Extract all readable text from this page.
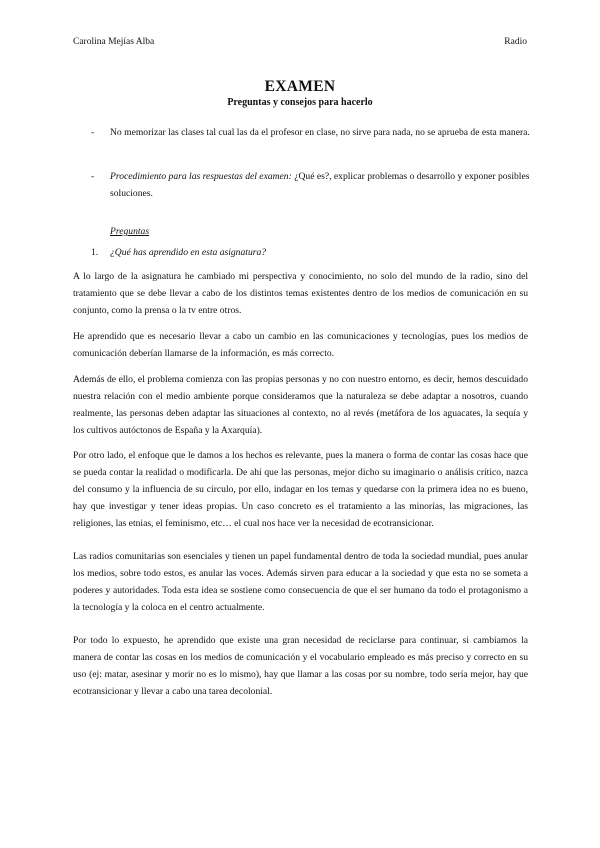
Carolina Mejías Alba	Radio
EXAMEN
Preguntas y consejos para hacerlo
- No memorizar las clases tal cual las da el profesor en clase, no sirve para nada, no se aprueba de esta manera.
- Procedimiento para las respuestas del examen: ¿Qué es?, explicar problemas o desarrollo y exponer posibles soluciones.
Preguntas
1. ¿Qué has aprendido en esta asignatura?

A lo largo de la asignatura he cambiado mi perspectiva y conocimiento, no solo del mundo de la radio, sino del tratamiento que se debe llevar a cabo de los distintos temas existentes dentro de los medios de comunicación en su conjunto, como la prensa o la tv entre otros.

He aprendido que es necesario llevar a cabo un cambio en las comunicaciones y tecnologías, pues los medios de comunicación deberían llamarse de la información, es más correcto.

Además de ello, el problema comienza con las propias personas y no con nuestro entorno, es decir, hemos descuidado nuestra relación con el medio ambiente porque consideramos que la naturaleza se debe adaptar a nosotros, cuando realmente, las personas deben adaptar las situaciones al contexto, no al revés (metáfora de los aguacates, la sequía y los cultivos autóctonos de España y la Axarquía).

Por otro lado, el enfoque que le damos a los hechos es relevante, pues la manera o forma de contar las cosas hace que se pueda contar la realidad o modificarla. De ahí que las personas, mejor dicho su imaginario o análisis crítico, nazca del consumo y la influencia de su círculo, por ello, indagar en los temas y quedarse con la primera idea no es bueno, hay que investigar y tener ideas propias. Un caso concreto es el tratamiento a las minorías, las migraciones, las religiones, las etnias, el feminismo, etc… el cual nos hace ver la necesidad de ecotransicionar.

Las radios comunitarias son esenciales y tienen un papel fundamental dentro de toda la sociedad mundial, pues anular los medios, sobre todo estos, es anular las voces. Además sirven para educar a la sociedad y que esta no se someta a poderes y autoridades. Toda esta idea se sostiene como consecuencia de que el ser humano da todo el protagonismo a la tecnología y la coloca en el centro actualmente.

Por todo lo expuesto, he aprendido que existe una gran necesidad de reciclarse para continuar, si cambiamos la manera de contar las cosas en los medios de comunicación y el vocabulario empleado es más preciso y correcto en su uso (ej: matar, asesinar y morir no es lo mismo), hay que llamar a las cosas por su nombre, todo sería mejor, hay que ecotransicionar y llevar a cabo una tarea decolonial.
